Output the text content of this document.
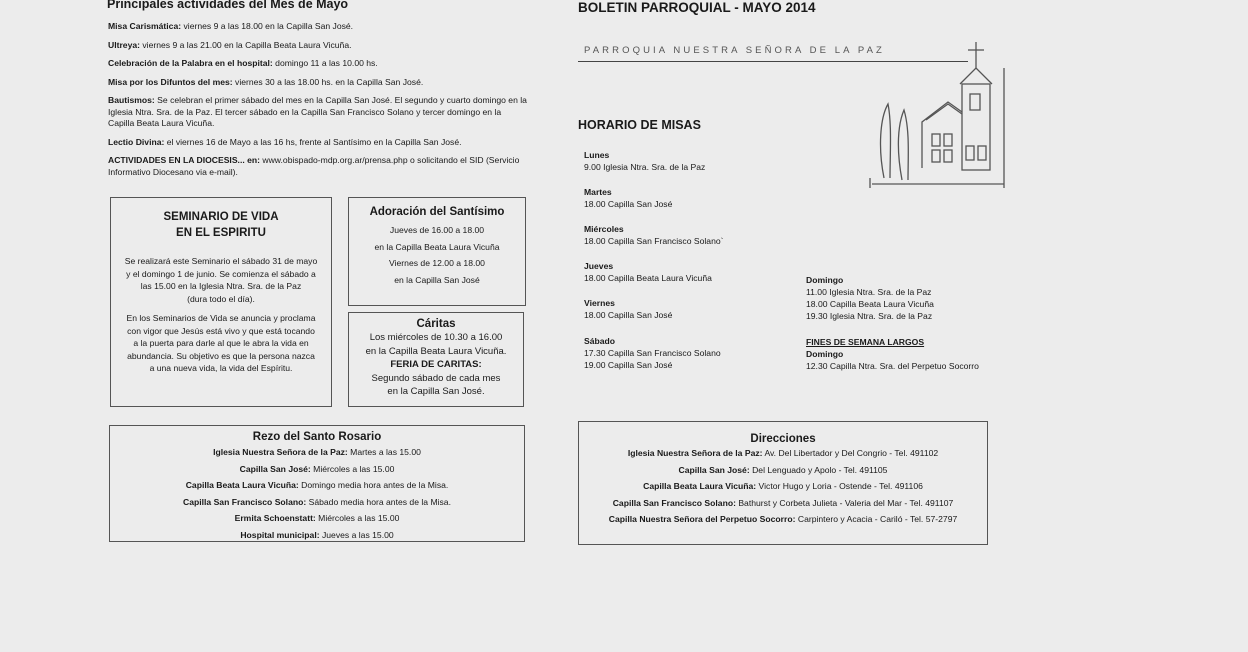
Principales actividades del Mes de Mayo

Misa Carismática: viernes 9 a las 18.00 en la Capilla San José.

Ultreya: viernes 9 a las 21.00 en la Capilla Beata Laura Vicuña.

Celebración de la Palabra en el hospital: domingo 11 a las 10.00 hs.

Misa por los Difuntos del mes: viernes 30 a las 18.00 hs. en la Capilla San José.

Bautismos: Se celebran el primer sábado del mes en la Capilla San José. El segundo y cuarto domingo en la Iglesia Ntra. Sra. de la Paz. El tercer sábado en la Capilla San Francisco Solano y tercer domingo en la Capilla Beata Laura Vicuña.

Lectio Divina: el viernes 16 de Mayo a las 16 hs, frente al Santísimo en la Capilla San José.

ACTIVIDADES EN LA DIOCESIS... en: www.obispado-mdp.org.ar/prensa.php o solicitando el SID (Servicio Informativo Diocesano via e-mail).

SEMINARIO DE VIDA
EN EL ESPIRITU
Se realizará este Seminario el sábado 31 de mayo
y el domingo 1 de junio. Se comienza el sábado a
las 15.00 en la Iglesia Ntra. Sra. de la Paz
(dura todo el día).
En los Seminarios de Vida se anuncia y proclama
con vigor que Jesús está vivo y que está tocando
a la puerta para darle al que le abra la vida en
abundancia. Su objetivo es que la persona nazca
a una nueva vida, la vida del Espíritu.
Adoración del Santísimo
Jueves de 16.00 a 18.00
en la Capilla Beata Laura Vicuña
Viernes de 12.00 a 18.00
en la Capilla San José
Cáritas
Los miércoles de 10.30 a 16.00
en la Capilla Beata Laura Vicuña.
FERIA DE CARITAS:
Segundo sábado de cada mes
en la Capilla San José.
Rezo del Santo Rosario
Iglesia Nuestra Señora de la Paz: Martes a las 15.00
Capilla San José: Miércoles a las 15.00
Capilla Beata Laura Vicuña: Domingo media hora antes de la Misa.
Capilla San Francisco Solano: Sábado media hora antes de la Misa.
Ermita Schoenstatt: Miércoles a las 15.00
Hospital municipal: Jueves a las 15.00
BOLETIN PARROQUIAL - MAYO 2014
PARROQUIA NUESTRA SEÑORA DE LA PAZ
HORARIO DE MISAS
Lunes
9.00 Iglesia Ntra. Sra. de la Paz
Martes
18.00 Capilla San José
Miércoles
18.00 Capilla San Francisco Solano`
Jueves
18.00 Capilla Beata Laura Vicuña
Viernes
18.00 Capilla San José
Sábado
17.30 Capilla San Francisco Solano
19.00 Capilla San José
Domingo
11.00 Iglesia Ntra. Sra. de la Paz
18.00 Capilla Beata Laura Vicuña
19.30 Iglesia Ntra. Sra. de la Paz
FINES DE SEMANA LARGOS
Domingo
12.30 Capilla Ntra. Sra. del Perpetuo Socorro
Direcciones
Iglesia Nuestra Señora de la Paz: Av. Del Libertador y Del Congrio - Tel. 491102
Capilla San José: Del Lenguado y Apolo - Tel. 491105
Capilla Beata Laura Vicuña: Victor Hugo y Loria - Ostende - Tel. 491106
Capilla San Francisco Solano: Bathurst y Corbeta Julieta - Valeria del Mar - Tel. 491107
Capilla Nuestra Señora del Perpetuo Socorro: Carpintero y Acacia - Cariló - Tel. 57-2797
